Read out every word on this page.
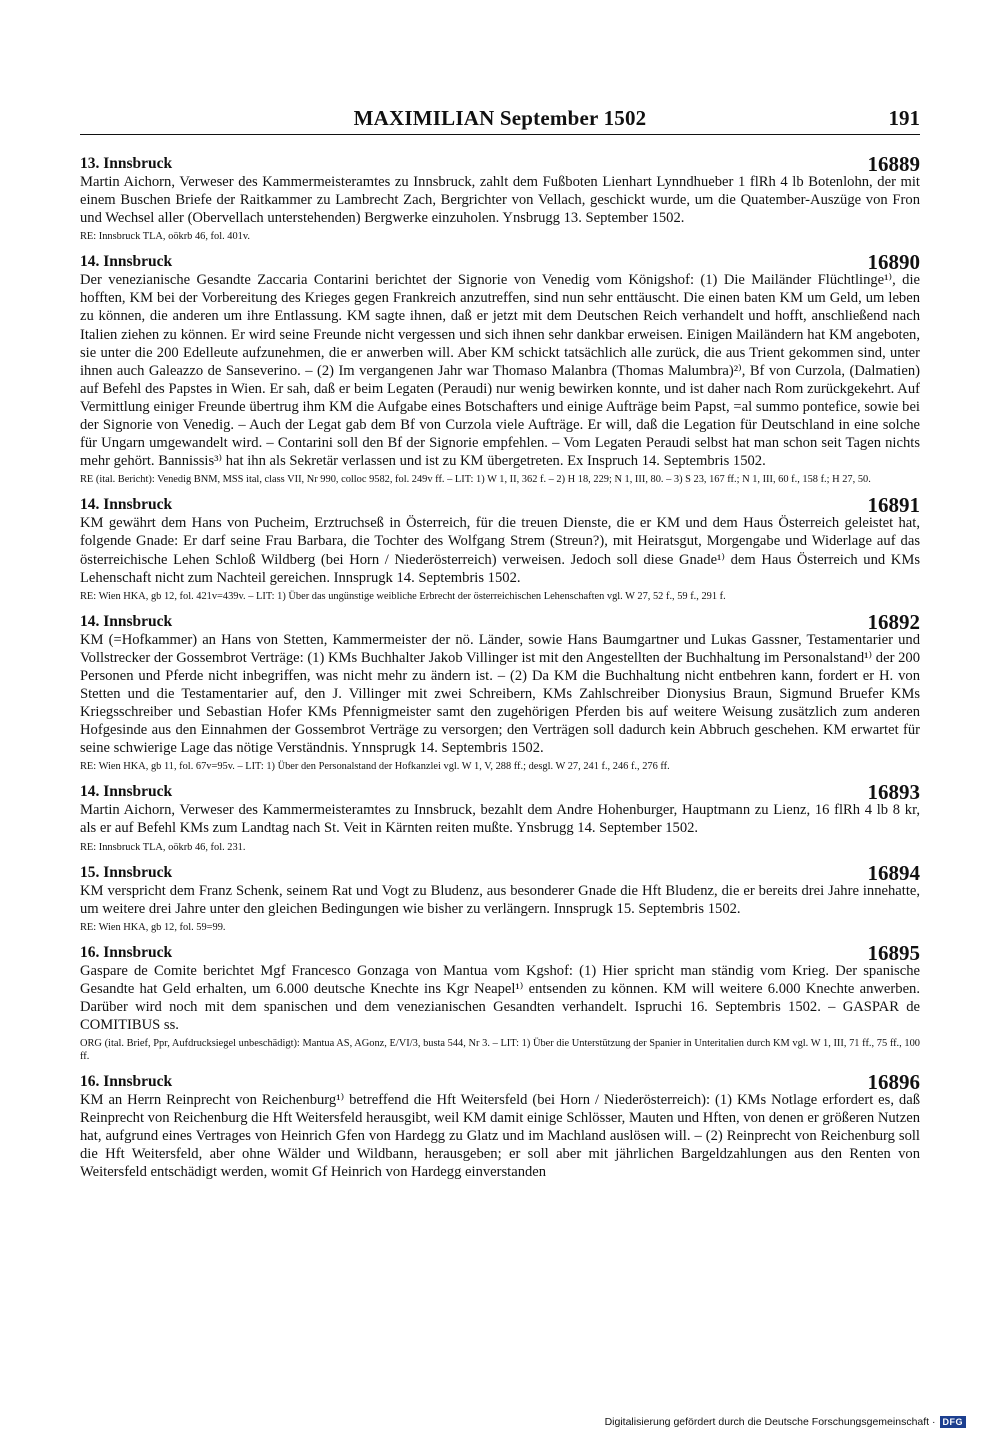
MAXIMILIAN September 1502	191
13. Innsbruck	16889

Martin Aichorn, Verweser des Kammermeisteramtes zu Innsbruck, zahlt dem Fußboten Lienhart Lynndhueber 1 flRh 4 lb Botenlohn, der mit einem Buschen Briefe der Raitkammer zu Lambrecht Zach, Bergrichter von Vellach, geschickt wurde, um die Quatember-Auszüge von Fron und Wechsel aller (Obervellach unterstehenden) Bergwerke einzuholen. Ynsbrugg 13. September 1502.

RE: Innsbruck TLA, oökrb 46, fol. 401v.
14. Innsbruck	16890

Der venezianische Gesandte Zaccaria Contarini berichtet der Signorie von Venedig vom Königshof: (1) Die Mailänder Flüchtlinge¹⁾, die hofften, KM bei der Vorbereitung des Krieges gegen Frankreich anzutreffen, sind nun sehr enttäuscht. Die einen baten KM um Geld, um leben zu können, die anderen um ihre Entlassung. KM sagte ihnen, daß er jetzt mit dem Deutschen Reich verhandelt und hofft, anschließend nach Italien ziehen zu können. Er wird seine Freunde nicht vergessen und sich ihnen sehr dankbar erweisen. Einigen Mailändern hat KM angeboten, sie unter die 200 Edelleute aufzunehmen, die er anwerben will. Aber KM schickt tatsächlich alle zurück, die aus Trient gekommen sind, unter ihnen auch Galeazzo de Sanseverino. – (2) Im vergangenen Jahr war Thomaso Malanbra (Thomas Malumbra)²⁾, Bf von Curzola, (Dalmatien) auf Befehl des Papstes in Wien. Er sah, daß er beim Legaten (Peraudi) nur wenig bewirken konnte, und ist daher nach Rom zurückgekehrt. Auf Vermittlung einiger Freunde übertrug ihm KM die Aufgabe eines Botschafters und einige Aufträge beim Papst, =al summo pontefice, sowie bei der Signorie von Venedig. – Auch der Legat gab dem Bf von Curzola viele Aufträge. Er will, daß die Legation für Deutschland in eine solche für Ungarn umgewandelt wird. – Contarini soll den Bf der Signorie empfehlen. – Vom Legaten Peraudi selbst hat man schon seit Tagen nichts mehr gehört. Bannissis³⁾ hat ihn als Sekretär verlassen und ist zu KM übergetreten. Ex Inspruch 14. Septembris 1502.

RE (ital. Bericht): Venedig BNM, MSS ital, class VII, Nr 990, colloc 9582, fol. 249v ff. – LIT: 1) W 1, II, 362 f. – 2) H 18, 229; N 1, III, 80. – 3) S 23, 167 ff.; N 1, III, 60 f., 158 f.; H 27, 50.
14. Innsbruck	16891

KM gewährt dem Hans von Pucheim, Erztruchseß in Österreich, für die treuen Dienste, die er KM und dem Haus Österreich geleistet hat, folgende Gnade: Er darf seine Frau Barbara, die Tochter des Wolfgang Strem (Streun?), mit Heiratsgut, Morgengabe und Widerlage auf das österreichische Lehen Schloß Wildberg (bei Horn / Niederösterreich) verweisen. Jedoch soll diese Gnade¹⁾ dem Haus Österreich und KMs Lehenschaft nicht zum Nachteil gereichen. Innsprugk 14. Septembris 1502.

RE: Wien HKA, gb 12, fol. 421v=439v. – LIT: 1) Über das ungünstige weibliche Erbrecht der österreichischen Lehenschaften vgl. W 27, 52 f., 59 f., 291 f.
14. Innsbruck	16892

KM (=Hofkammer) an Hans von Stetten, Kammermeister der nö. Länder, sowie Hans Baumgartner und Lukas Gassner, Testamentarier und Vollstrecker der Gossembrot Verträge: (1) KMs Buchhalter Jakob Villinger ist mit den Angestellten der Buchhaltung im Personalstand¹⁾ der 200 Personen und Pferde nicht inbegriffen, was nicht mehr zu ändern ist. – (2) Da KM die Buchhaltung nicht entbehren kann, fordert er H. von Stetten und die Testamentarier auf, den J. Villinger mit zwei Schreibern, KMs Zahlschreiber Dionysius Braun, Sigmund Bruefer KMs Kriegsschreiber und Sebastian Hofer KMs Pfennigmeister samt den zugehörigen Pferden bis auf weitere Weisung zusätzlich zum anderen Hofgesinde aus den Einnahmen der Gossembrot Verträge zu versorgen; den Verträgen soll dadurch kein Abbruch geschehen. KM erwartet für seine schwierige Lage das nötige Verständnis. Ynnsprugk 14. Septembris 1502.

RE: Wien HKA, gb 11, fol. 67v=95v. – LIT: 1) Über den Personalstand der Hofkanzlei vgl. W 1, V, 288 ff.; desgl. W 27, 241 f., 246 f., 276 ff.
14. Innsbruck	16893

Martin Aichorn, Verweser des Kammermeisteramtes zu Innsbruck, bezahlt dem Andre Hohenburger, Hauptmann zu Lienz, 16 flRh 4 lb 8 kr, als er auf Befehl KMs zum Landtag nach St. Veit in Kärnten reiten mußte. Ynsbrugg 14. September 1502.

RE: Innsbruck TLA, oökrb 46, fol. 231.
15. Innsbruck	16894

KM verspricht dem Franz Schenk, seinem Rat und Vogt zu Bludenz, aus besonderer Gnade die Hft Bludenz, die er bereits drei Jahre innehatte, um weitere drei Jahre unter den gleichen Bedingungen wie bisher zu verlängern. Innsprugk 15. Septembris 1502.

RE: Wien HKA, gb 12, fol. 59=99.
16. Innsbruck	16895

Gaspare de Comite berichtet Mgf Francesco Gonzaga von Mantua vom Kgshof: (1) Hier spricht man ständig vom Krieg. Der spanische Gesandte hat Geld erhalten, um 6.000 deutsche Knechte ins Kgr Neapel¹⁾ entsenden zu können. KM will weitere 6.000 Knechte anwerben. Darüber wird noch mit dem spanischen und dem venezianischen Gesandten verhandelt. Ispruchi 16. Septembris 1502. – GASPAR de COMITIBUS ss.

ORG (ital. Brief, Ppr, Aufdrucksiegel unbeschädigt): Mantua AS, AGonz, E/VI/3, busta 544, Nr 3. – LIT: 1) Über die Unterstützung der Spanier in Unteritalien durch KM vgl. W 1, III, 71 ff., 75 ff., 100 ff.
16. Innsbruck	16896

KM an Herrn Reinprecht von Reichenburg¹⁾ betreffend die Hft Weitersfeld (bei Horn / Niederösterreich): (1) KMs Notlage erfordert es, daß Reinprecht von Reichenburg die Hft Weitersfeld herausgibt, weil KM damit einige Schlösser, Mauten und Hften, von denen er größeren Nutzen hat, aufgrund eines Vertrages von Heinrich Gfen von Hardegg zu Glatz und im Machland auslösen will. – (2) Reinprecht von Reichenburg soll die Hft Weitersfeld, aber ohne Wälder und Wildbann, herausgeben; er soll aber mit jährlichen Bargeldzahlungen aus den Renten von Weitersfeld entschädigt werden, womit Gf Heinrich von Hardegg einverstanden

Digitalisierung gefördert durch die Deutsche Forschungsgemeinschaft · DFG
